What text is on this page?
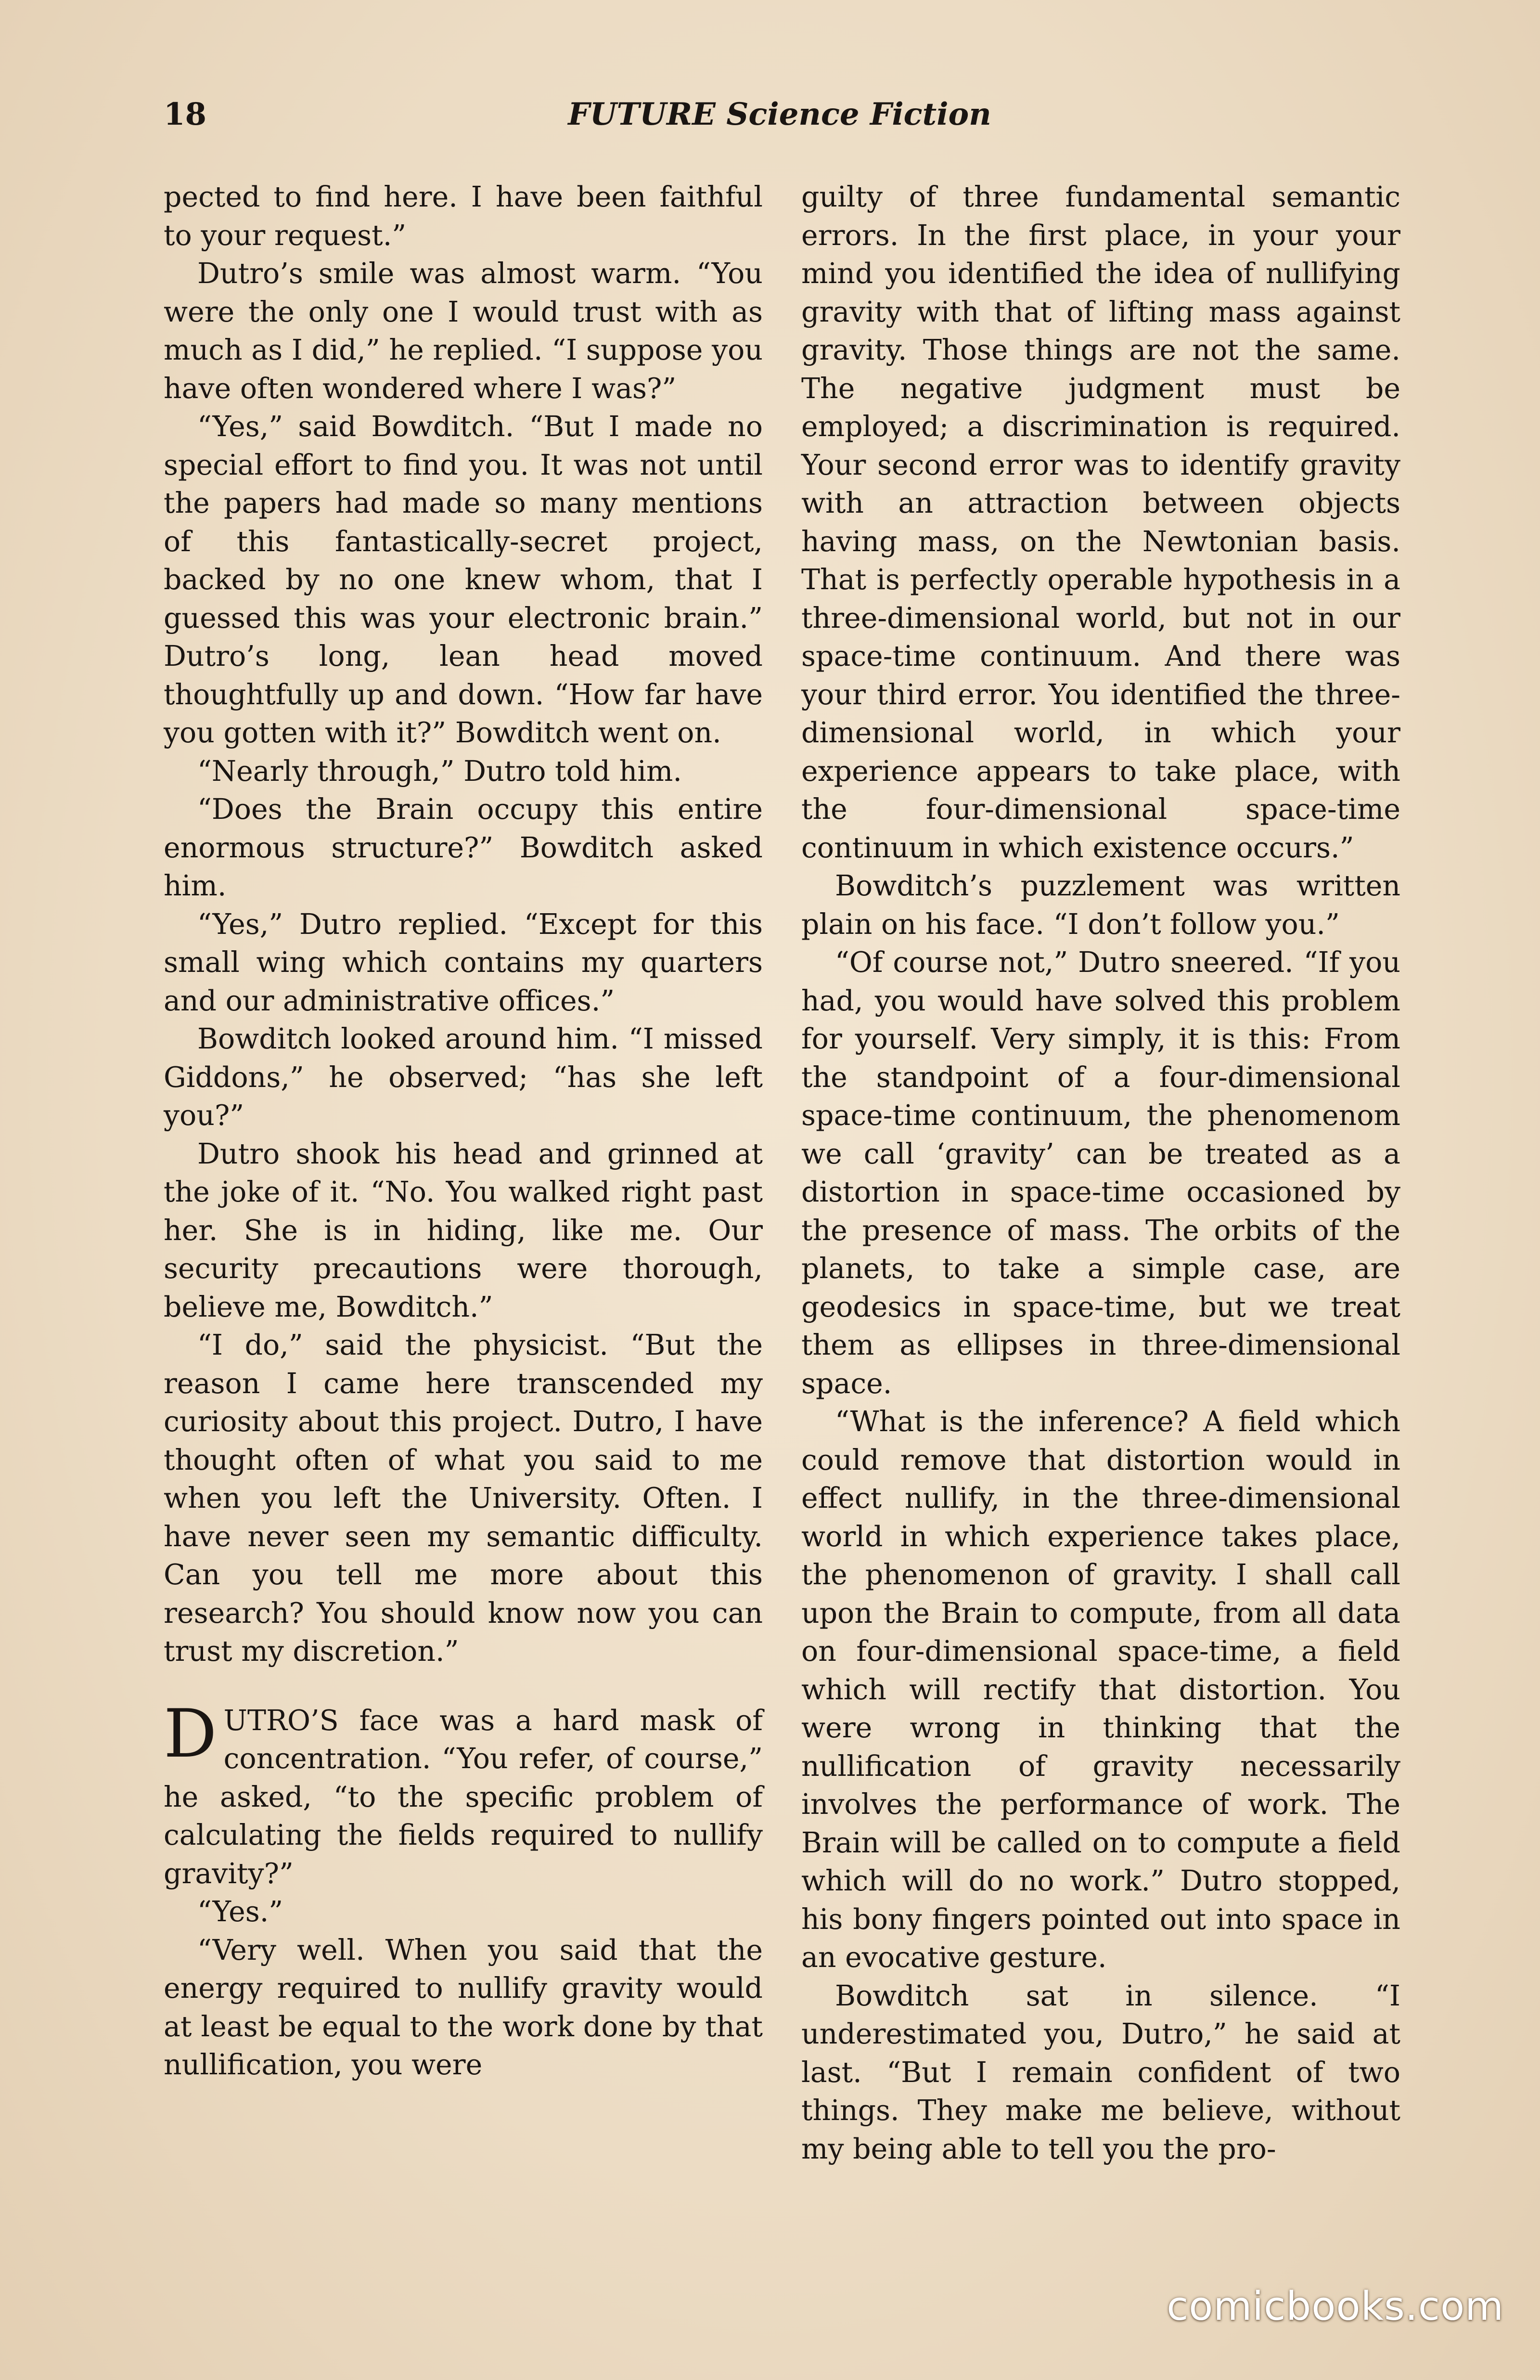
18	FUTURE Science Fiction

pected to find here. I have been faithful to your request.”

Dutro’s smile was almost warm. “You were the only one I would trust with as much as I did,” he replied. “I suppose you have often wondered where I was?”

“Yes,” said Bowditch. “But I made no special effort to find you. It was not until the papers had made so many mentions of this fantastically-secret project, backed by no one knew whom, that I guessed this was your electronic brain.” Dutro’s long, lean head moved thoughtfully up and down. “How far have you gotten with it?” Bowditch went on.

“Nearly through,” Dutro told him.

“Does the Brain occupy this entire enormous structure?” Bowditch asked him.

“Yes,” Dutro replied. “Except for this small wing which contains my quarters and our administrative offices.”

Bowditch looked around him. “I missed Giddons,” he observed; “has she left you?”

Dutro shook his head and grinned at the joke of it. “No. You walked right past her. She is in hiding, like me. Our security precautions were thorough, believe me, Bowditch.”

“I do,” said the physicist. “But the reason I came here transcended my curiosity about this project. Dutro, I have thought often of what you said to me when you left the University. Often. I have never seen my semantic difficulty. Can you tell me more about this research? You should know now you can trust my discretion.”

DUTRO’S face was a hard mask of concentration. “You refer, of course,” he asked, “to the specific problem of calculating the fields required to nullify gravity?”

“Yes.”

“Very well. When you said that the energy required to nullify gravity would at least be equal to the work done by that nullification, you were

guilty of three fundamental semantic errors. In the first place, in your your mind you identified the idea of nullifying gravity with that of lifting mass against gravity. Those things are not the same. The negative judgment must be employed; a discrimination is required. Your second error was to identify gravity with an attraction between objects having mass, on the Newtonian basis. That is perfectly operable hypothesis in a three-dimensional world, but not in our space-time continuum. And there was your third error. You identified the three-dimensional world, in which your experience appears to take place, with the four-dimensional space-time continuum in which existence occurs.”

Bowditch’s puzzlement was written plain on his face. “I don’t follow you.”

“Of course not,” Dutro sneered. “If you had, you would have solved this problem for yourself. Very simply, it is this: From the standpoint of a four-dimensional space-time continuum, the phenomenom we call ‘gravity’ can be treated as a distortion in space-time occasioned by the presence of mass. The orbits of the planets, to take a simple case, are geodesics in space-time, but we treat them as ellipses in three-dimensional space.

“What is the inference? A field which could remove that distortion would in effect nullify, in the three-dimensional world in which experience takes place, the phenomenon of gravity. I shall call upon the Brain to compute, from all data on four-dimensional space-time, a field which will rectify that distortion. You were wrong in thinking that the nullification of gravity necessarily involves the performance of work. The Brain will be called on to compute a field which will do no work.” Dutro stopped, his bony fingers pointed out into space in an evocative gesture.

Bowditch sat in silence. “I underestimated you, Dutro,” he said at last. “But I remain confident of two things. They make me believe, without my being able to tell you the pro-

comicbooks.com
